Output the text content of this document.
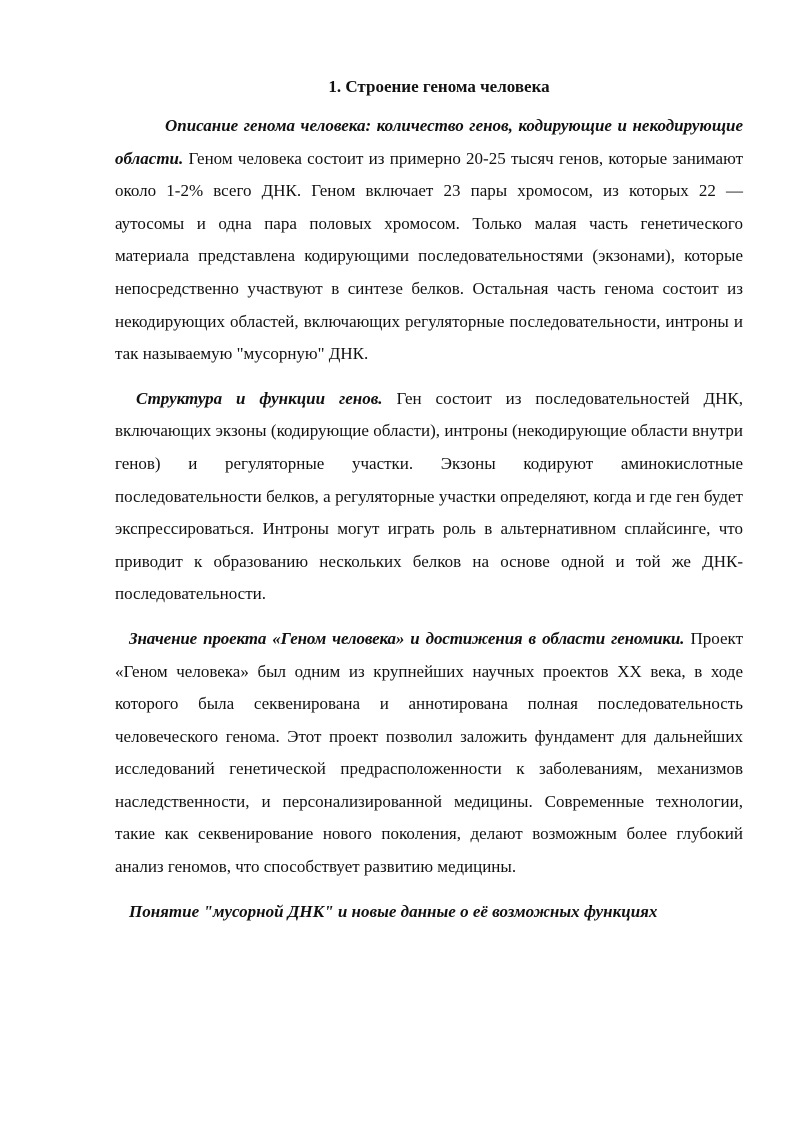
1. Строение генома человека

Описание генома человека: количество генов, кодирующие и некодирующие области. Геном человека состоит из примерно 20-25 тысяч генов, которые занимают около 1-2% всего ДНК. Геном включает 23 пары хромосом, из которых 22 — аутосомы и одна пара половых хромосом. Только малая часть генетического материала представлена кодирующими последовательностями (экзонами), которые непосредственно участвуют в синтезе белков. Остальная часть генома состоит из некодирующих областей, включающих регуляторные последовательности, интроны и так называемую "мусорную" ДНК.

Структура и функции генов. Ген состоит из последовательностей ДНК, включающих экзоны (кодирующие области), интроны (некодирующие области внутри генов) и регуляторные участки. Экзоны кодируют аминокислотные последовательности белков, а регуляторные участки определяют, когда и где ген будет экспрессироваться. Интроны могут играть роль в альтернативном сплайсинге, что приводит к образованию нескольких белков на основе одной и той же ДНК-последовательности.

Значение проекта «Геном человека» и достижения в области геномики. Проект «Геном человека» был одним из крупнейших научных проектов XX века, в ходе которого была секвенирована и аннотирована полная последовательность человеческого генома. Этот проект позволил заложить фундамент для дальнейших исследований генетической предрасположенности к заболеваниям, механизмов наследственности, и персонализированной медицины. Современные технологии, такие как секвенирование нового поколения, делают возможным более глубокий анализ геномов, что способствует развитию медицины.

Понятие "мусорной ДНК" и новые данные о её возможных функциях
